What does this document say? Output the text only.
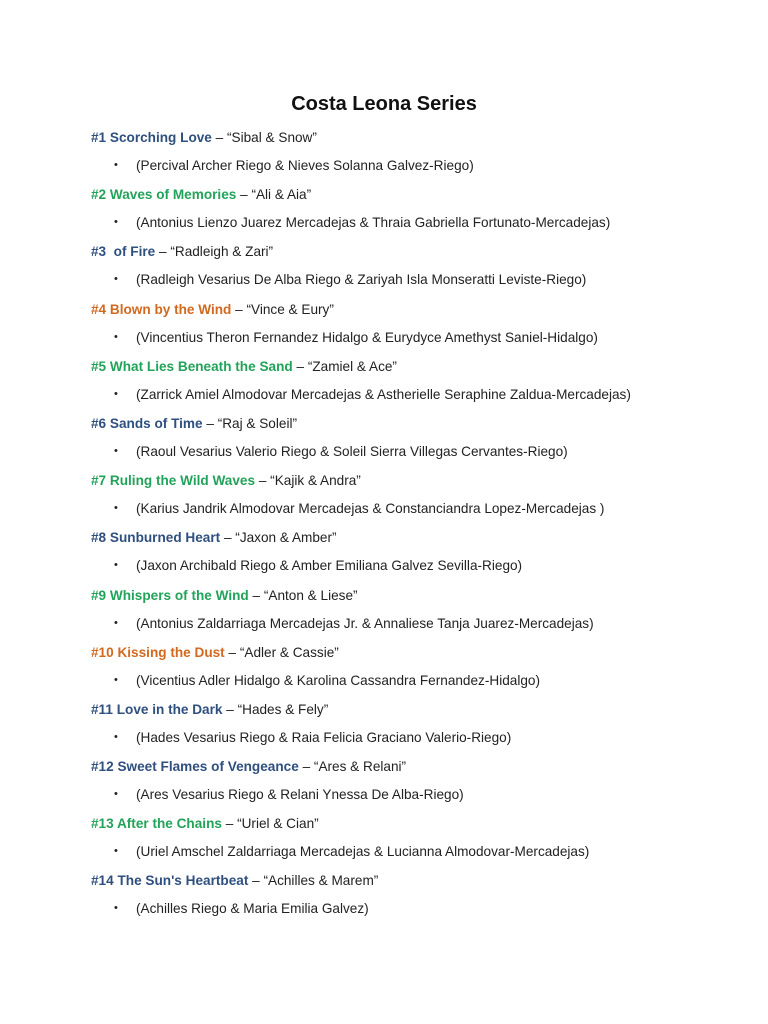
Costa Leona Series
#1 Scorching Love – “Sibal & Snow”
• (Percival Archer Riego & Nieves Solanna Galvez-Riego)
#2 Waves of Memories – “Ali & Aia”
• (Antonius Lienzo Juarez Mercadejas & Thraia Gabriella Fortunato-Mercadejas)
#3  of Fire – “Radleigh & Zari”
• (Radleigh Vesarius De Alba Riego & Zariyah Isla Monseratti Leviste-Riego)
#4 Blown by the Wind – “Vince & Eury”
• (Vincentius Theron Fernandez Hidalgo & Eurydyce Amethyst Saniel-Hidalgo)
#5 What Lies Beneath the Sand – “Zamiel & Ace”
• (Zarrick Amiel Almodovar Mercadejas & Astherielle Seraphine Zaldua-Mercadejas)
#6 Sands of Time – “Raj & Soleil”
• (Raoul Vesarius Valerio Riego & Soleil Sierra Villegas Cervantes-Riego)
#7 Ruling the Wild Waves – “Kajik & Andra”
• (Karius Jandrik Almodovar Mercadejas & Constanciandra Lopez-Mercadejas )
#8 Sunburned Heart – “Jaxon & Amber”
• (Jaxon Archibald Riego & Amber Emiliana Galvez Sevilla-Riego)
#9 Whispers of the Wind – “Anton & Liese”
• (Antonius Zaldarriaga Mercadejas Jr. & Annaliese Tanja Juarez-Mercadejas)
#10 Kissing the Dust – “Adler & Cassie”
• (Vicentius Adler Hidalgo & Karolina Cassandra Fernandez-Hidalgo)
#11 Love in the Dark – “Hades & Fely”
• (Hades Vesarius Riego & Raia Felicia Graciano Valerio-Riego)
#12 Sweet Flames of Vengeance – “Ares & Relani”
• (Ares Vesarius Riego & Relani Ynessa De Alba-Riego)
#13 After the Chains – “Uriel & Cian”
• (Uriel Amschel Zaldarriaga Mercadejas & Lucianna Almodovar-Mercadejas)
#14 The Sun's Heartbeat – “Achilles & Marem”
• (Achilles Riego & Maria Emilia Galvez)
